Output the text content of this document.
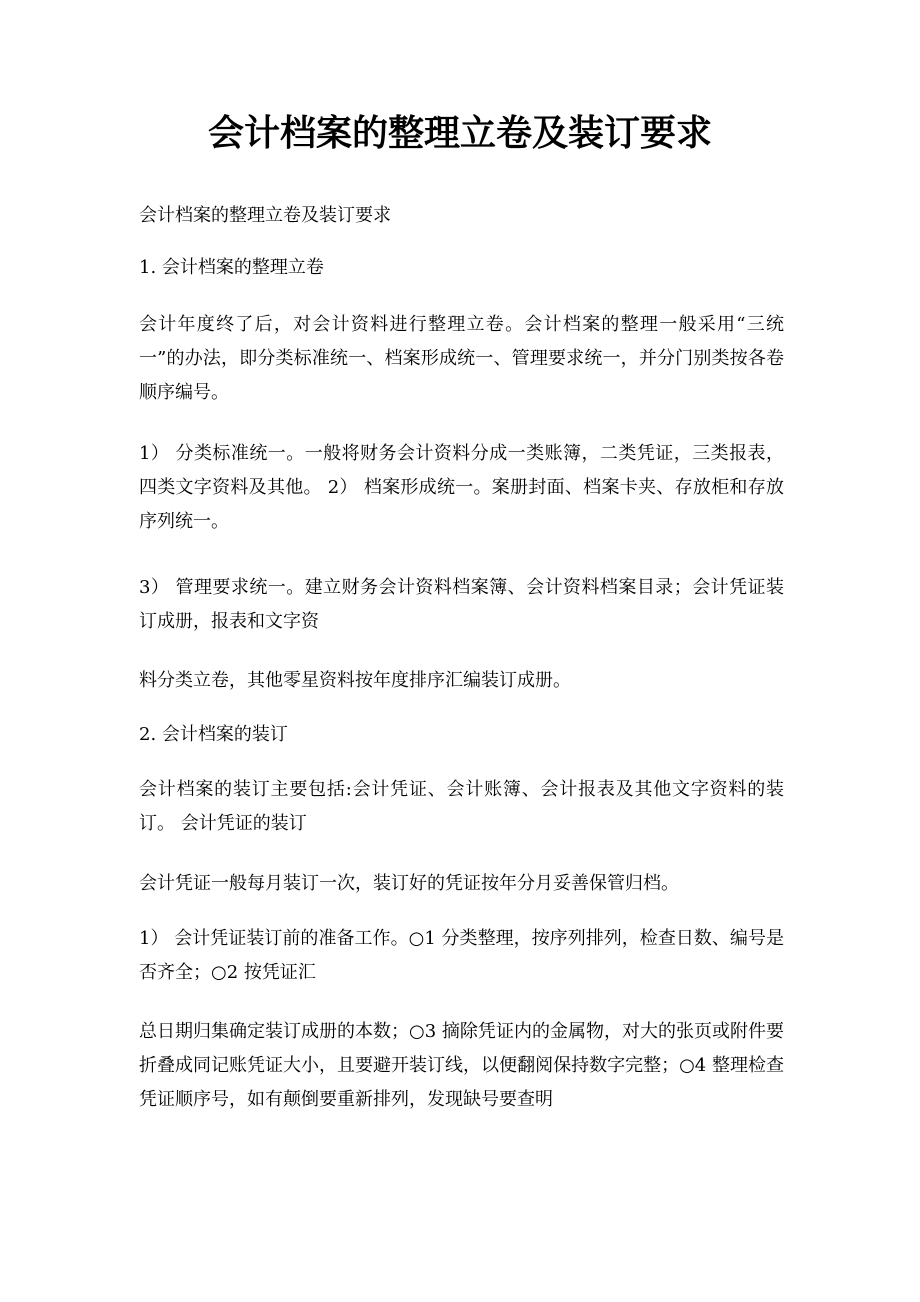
会计档案的整理立卷及装订要求

会计档案的整理立卷及装订要求

1. 会计档案的整理立卷

会计年度终了后，对会计资料进行整理立卷。会计档案的整理一般采用“三统一”的办法，即分类标准统一、档案形成统一、管理要求统一，并分门别类按各卷顺序编号。

1） 分类标准统一。一般将财务会计资料分成一类账簿，二类凭证，三类报表，四类文字资料及其他。 2） 档案形成统一。案册封面、档案卡夹、存放柜和存放序列统一。

3） 管理要求统一。建立财务会计资料档案簿、会计资料档案目录；会计凭证装订成册，报表和文字资

料分类立卷，其他零星资料按年度排序汇编装订成册。

2. 会计档案的装订

会计档案的装订主要包括:会计凭证、会计账簿、会计报表及其他文字资料的装订。 会计凭证的装订

会计凭证一般每月装订一次，装订好的凭证按年分月妥善保管归档。

1） 会计凭证装订前的准备工作。○1 分类整理，按序列排列，检查日数、编号是否齐全；○2 按凭证汇

总日期归集确定装订成册的本数；○3 摘除凭证内的金属物，对大的张页或附件要折叠成同记账凭证大小，且要避开装订线，以便翻阅保持数字完整；○4 整理检查凭证顺序号，如有颠倒要重新排列，发现缺号要查明
